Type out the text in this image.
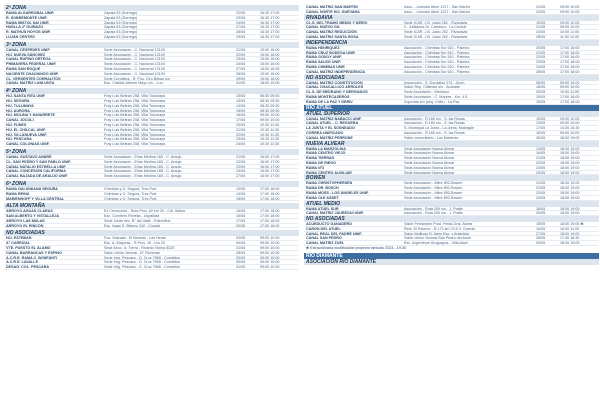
2ª ZONA
RAMA ALGARROBAL UNIF.	Zapala 53 (Dorrego)	22/05	16:30 17:00
R. SOBREMONTE UNIF.	Zapala 53 (Dorrego)	23/05	16:30 17:00
RAMA MISTOL NAI UNIF.	Zapala 53 (Dorrego)	24/05	16:30 17:00
HUELLA 2º GUIÑAZÚ	Zapala 53 (Dorrego)	27/05	16:30 17:00
R. MATHUS HOYOS UNIF.	Zapala 53 (Dorrego)	28/05	16:30 17:00
LUJÁN CENTRO	Zapala 53 (Dorrego)	29/05	16:30 17:00
3ª ZONA
CANAL CÉSPEDES UNIF.	Sede Asociación - C. Nacional 13100	21/05	15:00 16:00
HIJ. NUEVA SÁNCHEZ	Sede Asociación - C. Nacional 13100	22/05	15:00 16:00
CANAL RUFINO ORTEGA	Sede Asociación - C. Nacional 13100	23/05	15:00 16:00
PRIMAVERA FEDERAL UNIF.	Sede Asociación - C. Nacional 13100	24/05	15:00 16:00
RAMA SAN ROQUE	Sede Asociación - C. Nacional 13100	27/05	15:00 16:00
NACIENTE CHACHINGO UNIF.	Sede Asociación - C. Nacional 13100	28/05	15:00 16:00
CL. VERSENTES CORRALITOS	Sede Corralitos - R. Pou. Ciro Bilbao s/n	29/05	15:00 16:00
CANAL MATRIZ LUNLUNTA	Esc. Cabildo Alberto Mayo s/n - Lun.	31/05	18:00 19:00
4ª ZONA
HIJ. SANTA RITA UNIF.	Fray Luis Beltrán 258, Villa Tulumaya	10/05	08:30 09:30
HIJ. SEGURA	Fray Luis Beltrán 258, Villa Tulumaya	13/05	08:30 09:30
HIJ. TULUMAYA	Fray Luis Beltrán 258, Villa Tulumaya	14/05	08:30 09:30
HIJ. AURORA	Fray Luis Beltrán 258, Villa Tulumaya	15/05	08:30 09:30
HIJ. MOLINA Y NAVARRETE	Fray Luis Beltrán 258, Villa Tulumaya	16/05	09:00 10:00
CANAL JOCOLÍ	Fray Luis Beltrán 258, Villa Tulumaya	17/05	09:00 10:00
HIJ. FUNES	Fray Luis Beltrán 258, Villa Tulumaya	20/05	10:30 11:30
HIJ. EL CHILCAL UNIF.	Fray Luis Beltrán 258, Villa Tulumaya	21/05	10:30 11:30
HIJ. VILLANUEVA UNIF.	Fray Luis Beltrán 258, Villa Tulumaya	22/05	10:30 11:30
HIJ. PESCARA	Fray Luis Beltrán 258, Villa Tulumaya	23/05	10:30 11:30
CANAL COLONIAS UNIF.	Fray Luis Beltrán 258, Villa Tulumaya	24/05	10:30 11:30
5ª ZONA
CANAL GUSTAVO ANDRÉ	Sede Asociación - Elías Medina 165 - C. Araujo	21/05	16:00 17:00
CL. SAN PEDRO Y SAN PABLO UNIF.	Sede Asociación - Elías Medina 165 - C. Araujo	22/05	16:00 17:00
CANAL NATALIO ESTRELLA UNIF.	Sede Asociación - Elías Medina 165 - C. Araujo	23/05	16:00 17:00
CANAL CONCESIÓN CALIFORNIA	Sede Asociación - Elías Medina 165 - C. Araujo	24/05	16:00 17:00
CANAL BAJADA DE ARAUJO UNIF.	Sede Asociación - Elías Medina 165 - C. Araujo	27/05	16:00 17:00
6ª ZONA
RAMA GALIGNIANA SEGURA	Chimbas y G. Segura, Tres Port.	13/05	17:00 18:00
RAMA REINA	Chimbas y G. Segura, Tres Port.	14/05	17:00 18:00
MARIENHOFF Y VILLA CENTRAL	Chimbas y G. Segura, Tres Port.	15/05	17:00 18:00
ALTA MONTAÑA
ARROYO AGUAS CLARAS	Ex Cervecería - Ruta Prov. 82 km 29 - Cdl. Saltos	15/05	17:00 18:00
SAN ALBERTO Y VISTALLEJA	Esc. Cumbres Revelia - Uspallata	16/05	17:00 18:00
ARROYO LAS MULAS	Sede Junta Vec. B° del Valle - Potrerillos	17/05	17:00 18:00
ARROYO EL RINCÓN	Esc. Isaac E. Blanco 242 - Ciudad	20/05	17:00 18:00
NO ASOCIADAS
HIJ. ESTEBAN	Fca. Granata - El Nevado - Las Heras	03/05	09:00 10:00
A° CARRIZAL	Esc. A. Mayoraz - R.Prov. 16 - Km 20	04/05	09:00 10:00
VTE. PUESTO EL ÁLAMO	Sede Asoc. Iz. Tierra - Ricardo Videla 8325	21/05	09:00 10:00
CANAL BARRANCAS Y ESPINO	Salón Unión Vecinal - B° Richman	28/05	09:00 10:00
A.C.R.E. RAMA C. BONFANTI	Sede Irrig. Pescara - G. Cruz 7968 - Corralitos	29/05	09:00 10:00
A.C.R.E. LAVALLE	Sede Irrig. Pescara - G. Cruz 7968 - Corralitos	30/05	09:00 10:00
DESAG. COL. PESCARA	Sede Irrig. Pescara - G. Cruz 7968 - Corralitos	31/05	09:00 10:00
CANAL MATRIZ SAN MARTÍN	Asoc. - Leandro Alem 1217 - San Martín	21/05	09:00 10:00
CANAL NORTE HIJ. GUEVARA	Asoc. - Leandro Alem 1217 - San Martín	22/05	09:00 10:00
RIVADAVIA
CL.S. DEL TRAMO MEDIO Y DERIV.	Sede ICAR, J.B. Justo 252 - Rivadavia	10/05	09:00 10:00
CANAL NUEVO GIL	C. Jubilados Dr. Carrasco - La Central	21/05	09:00 10:00
CANAL MATRIZ REDUCCIÓN	Sede ICAR, J.B. Justo 252 - Rivadavia	24/05	10:00 11:00
CANAL MATRIZ SANTA ROSA	Sede ICAR, J.B. Justo 252 - Rivadavia	28/05	11:00 12:00
INDEPENDENCIA
RAMA HENRÍQUEZ	Asociación - Chimbas Sur 510 - Palmira	20/05	17:00 18:00
RAMA CRUZ BODEGA UNIF.	Asociación - Chimbas Sur 510 - Palmira	21/05	17:00 18:00
RAMA GODOY UNIF.	Asociación - Chimbas Sur 510 - Palmira	22/05	17:00 18:00
RAMA SAUCE UNIF.	Asociación - Chimbas Sur 510 - Palmira	23/05	17:00 18:00
RAMA CHIMBAS UNIF.	Asociación - Chimbas Sur 510 - Palmira	24/05	17:00 18:00
CANAL MATRIZ INDEPENDENCIA	Asociación - Chimbas Sur 510 - Palmira	28/05	17:00 18:00
NO ASOCIADAS
CANAL MATRIZ CONSTITUCIÓN	Inspección - S. Gonzalez 274 - Junín	06/05	09:00 10:00
CANAL CHACALLICO ARROLES	Salón Sep. Chilecito s/n - Andrade	18/05	09:00 10:00
CL.S. DE MEDRANO Y DERIVADOS	Sede Asociación - Medrano	20/05	10:00 11:00
RAMA MONTECASEROS	Sede Asociación - C. Montes - Km. 4.5	15/05	17:00 18:00
RAMA DE LA PAZ Y DERIV.	Soportas s/n (esq. Chile) - La Paz	15/05	17:00 18:00
RÍO ATUEL
ATUEL SUPERIOR
CANAL MATRIZ BABACCI UNIF.	Asociación - R.160 s/n - S. las Rosas	10/05	09:00 10:00
CANAL ATUEL - C. REGUERA	Asociación - R.160 s/n - S. las Rosas	13/05	09:00 10:00
LA JUNTA Y EL SOSNEADO	S. Municipal La Junta - La Junta, Malargüe	17/05	14:30 15:30
CORREA UNIFICADO	Asociación - R.160 s/n - S. las Rosas	18/05	09:00 10:00
CANAL MATRIZ PERRONE	Salón comunitario - Las Malvinas	30/05	18:00 19:00
NUEVA ALVEAR
RAMA LA MARZOLINA	Sede Asociación Nueva Alvear	13/05	18:00 19:00
RAMA CENTRO VIEJO	Sede Asociación Nueva Alvear	16/05	18:00 19:00
RAMA TIERRAS	Sede Asociación Nueva Alvear	21/05	18:00 19:00
RAMA DE RIEGO	Sede Asociación Nueva Alvear	22/05	18:00 19:00
RAMA Nº3	Sede Asociación Nueva Alvear	24/05	18:00 19:00
RAMA CENTRO AUXILIAR	Sede Asociación Nueva Alvear	29/05	18:00 19:00
BOWEN
RAMA CHRISTOPHERSEN	Sede Asociación - Mitre 892-Bowen	21/05	18:00 19:00
RAMA DR. BOSCH	Sede Asociación - Mitre 892-Bowen	21/05	18:00 19:00
RAMA MOSS - LOS ÁNGELES UNIF.	Sede Asociación - Mitre 892-Bowen	22/05	18:00 19:00
RAMA OLE ASSET	Sede Asociación - Mitre 892-Bowen	24/05	18:00 19:00
ATUEL MEDIO
RAMA ATUEL SUR	Asociación - Ruta 200 s/n - J. Pratts	16/05	18:00 19:00
CANAL MATRIZ JÁUREGUI UNIF.	Asociación - Ruta 200 s/n - J. Pratts	20/05	18:00 19:00
NO ASOCIADAS
ACUEDUCTO GANADERO	Salón Fernández Prod. Ferial-Gral. Alvear	15/05	18:00 19:00 ✱
CAÑÓN DEL ATUEL	Rest. El Palomo - R.173 km 22,6 V. Grande	16/05	10:00 11:00
CANAL REAL DEL PADRE UNIF.	Salón Multiuso B. Alem Esq. y Antártida	27/05	18:00 19:00
CANAL SAN PEDRO	Salón Unión Vecinal-San Pedro del Atuel	28/05	17:30 18:30
CANAL MATRIZ ZUEL	Esc. Argentinos Uruguayos - Villa Atuel	29/05	18:00 19:00
✱ Extraordinaria modificación proyecto ejercicio 2024 - 19:30
RÍO DIAMANTE
ASOCIACIÓN RÍO DIAMANTE
